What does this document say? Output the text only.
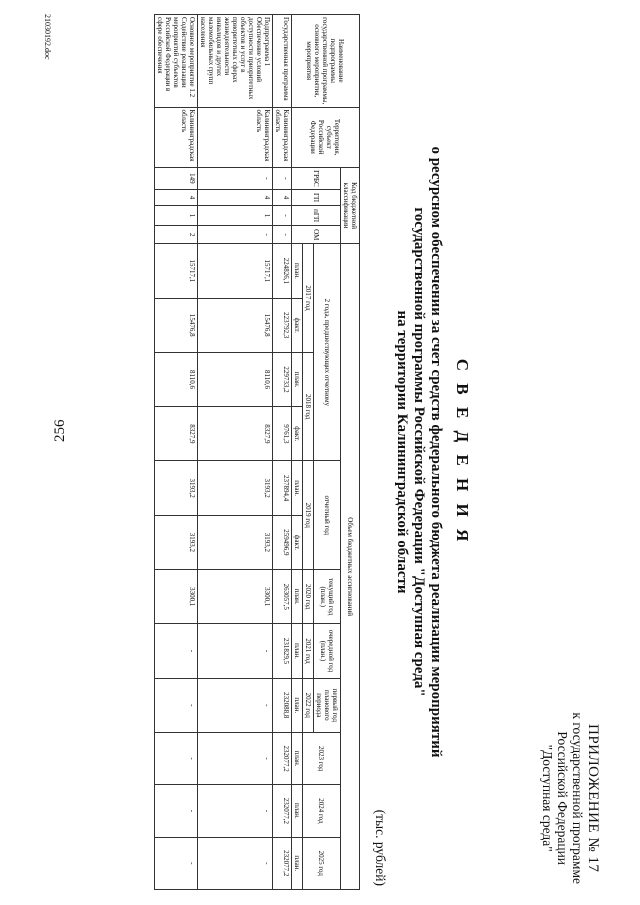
256
ПРИЛОЖЕНИЕ № 17
к государственной программе
Российской Федерации
"Доступная среда"
С В Е Д Е Н И Я
о ресурсном обеспечении за счет средств федерального бюджета реализации мероприятий
государственной программы Российской Федерации "Доступная среда"
на территории Калининградской области
(тыс. рублей)
Наименование подпрограммы государственной программы, основного мероприятия, мероприятия	Территория, субъект Российской Федерации	Код бюджетной классификации				Объем бюджетных ассигнований											
		ГРБС	ГП	пГП	ОМ	2 года, предшествующих отчетному				отчетный год		текущий год (план.)	очередной год (план.)	первый год планового периода	2023 год	2024 год	2025 год
						2017 год		2018 год		2019 год		2020 год	2021 год	2022 год			
						план.	факт.	план.	факт.	план.	факт.	план.	план.	план.	план.	план.	план.
Государственная программа	Калининградская область	-	4	-	-	224826,1	223792,3	229733,2	9761,3	237894,4	259496,9	263057,5	231829,5	232088,8	232077,2	232077,2	232077,2
Подпрограмма 1 Обеспечение условий доступности приоритетных объектов и услуг в приоритетных сферах жизнедеятельности инвалидов и других маломобильных групп населения	Калининградская область	-	4	1	-	15717,1	15476,8	8110,6	8327,9	3193,2	3193,2	3300,1	-	-	-	-	-
Основное мероприятие 1.2 Содействие реализации мероприятий субъектов Российской Федерации в сфере обеспечения	Калининградская область	149	4	1	2	15717,1	15476,8	8110,6	8327,9	3193,2	3193,2	3300,1	-	-	-	-	-
21030192.doc
